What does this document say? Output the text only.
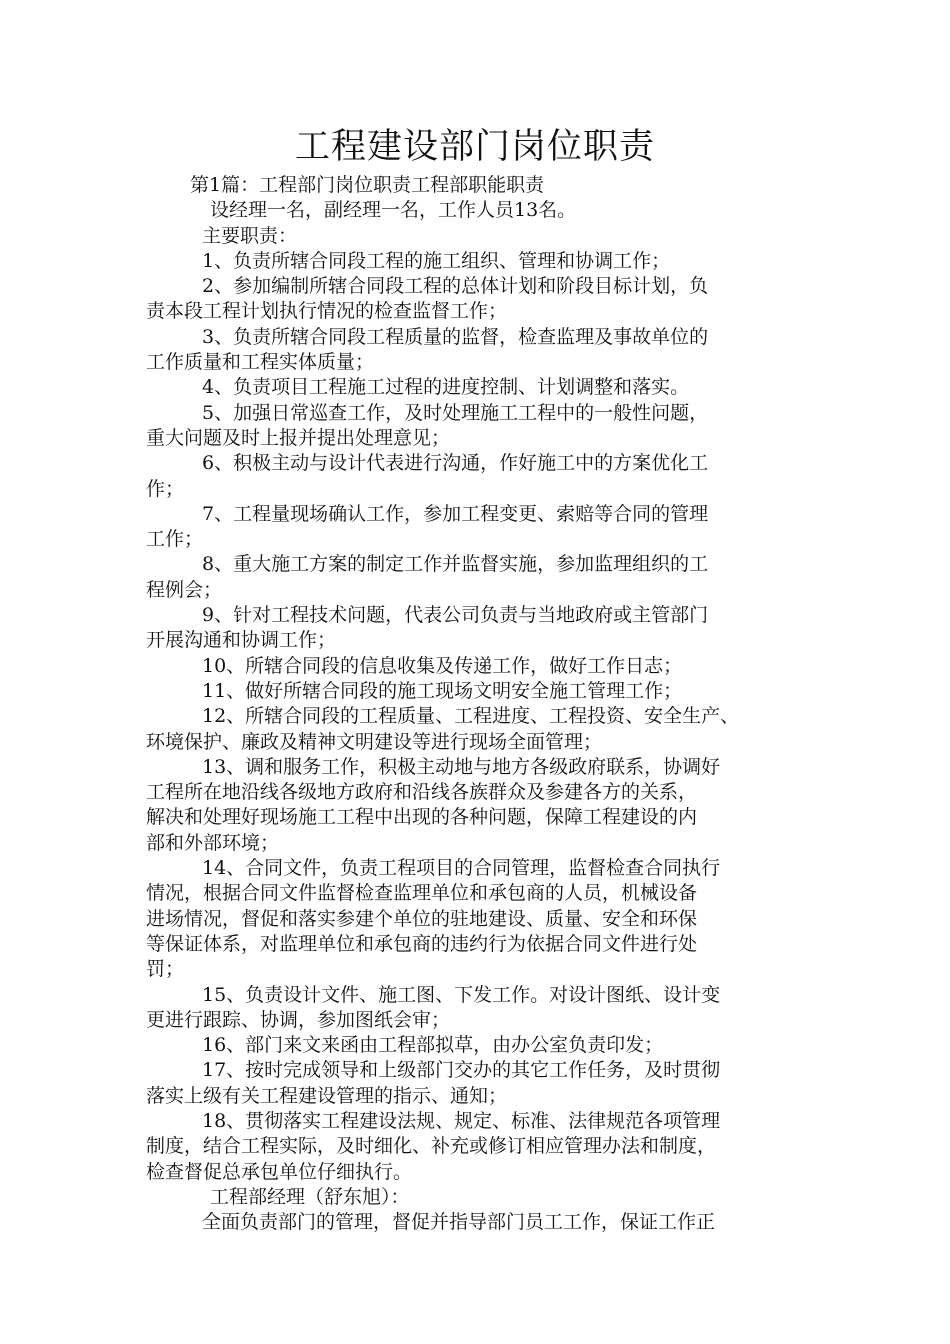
工程建设部门岗位职责
第1篇：工程部门岗位职责工程部职能职责
设经理一名，副经理一名，工作人员13名。
主要职责：
1、负责所辖合同段工程的施工组织、管理和协调工作；
2、参加编制所辖合同段工程的总体计划和阶段目标计划，负
责本段工程计划执行情况的检查监督工作；
3、负责所辖合同段工程质量的监督，检查监理及事故单位的
工作质量和工程实体质量；
4、负责项目工程施工过程的进度控制、计划调整和落实。
5、加强日常巡查工作，及时处理施工工程中的一般性问题，
重大问题及时上报并提出处理意见；
6、积极主动与设计代表进行沟通，作好施工中的方案优化工
作；
7、工程量现场确认工作，参加工程变更、索赔等合同的管理
工作；
8、重大施工方案的制定工作并监督实施，参加监理组织的工
程例会；
9、针对工程技术问题，代表公司负责与当地政府或主管部门
开展沟通和协调工作；
10、所辖合同段的信息收集及传递工作，做好工作日志；
11、做好所辖合同段的施工现场文明安全施工管理工作；
12、所辖合同段的工程质量、工程进度、工程投资、安全生产、
环境保护、廉政及精神文明建设等进行现场全面管理；
13、调和服务工作，积极主动地与地方各级政府联系，协调好
工程所在地沿线各级地方政府和沿线各族群众及参建各方的关系，
解决和处理好现场施工工程中出现的各种问题，保障工程建设的内
部和外部环境；
14、合同文件，负责工程项目的合同管理，监督检查合同执行
情况，根据合同文件监督检查监理单位和承包商的人员，机械设备
进场情况，督促和落实参建个单位的驻地建设、质量、安全和环保
等保证体系，对监理单位和承包商的违约行为依据合同文件进行处
罚；
15、负责设计文件、施工图、下发工作。对设计图纸、设计变
更进行跟踪、协调，参加图纸会审；
16、部门来文来函由工程部拟草，由办公室负责印发；
17、按时完成领导和上级部门交办的其它工作任务，及时贯彻
落实上级有关工程建设管理的指示、通知；
18、贯彻落实工程建设法规、规定、标准、法律规范各项管理
制度，结合工程实际，及时细化、补充或修订相应管理办法和制度，
检查督促总承包单位仔细执行。
工程部经理（舒东旭）：
全面负责部门的管理，督促并指导部门员工工作，保证工作正
